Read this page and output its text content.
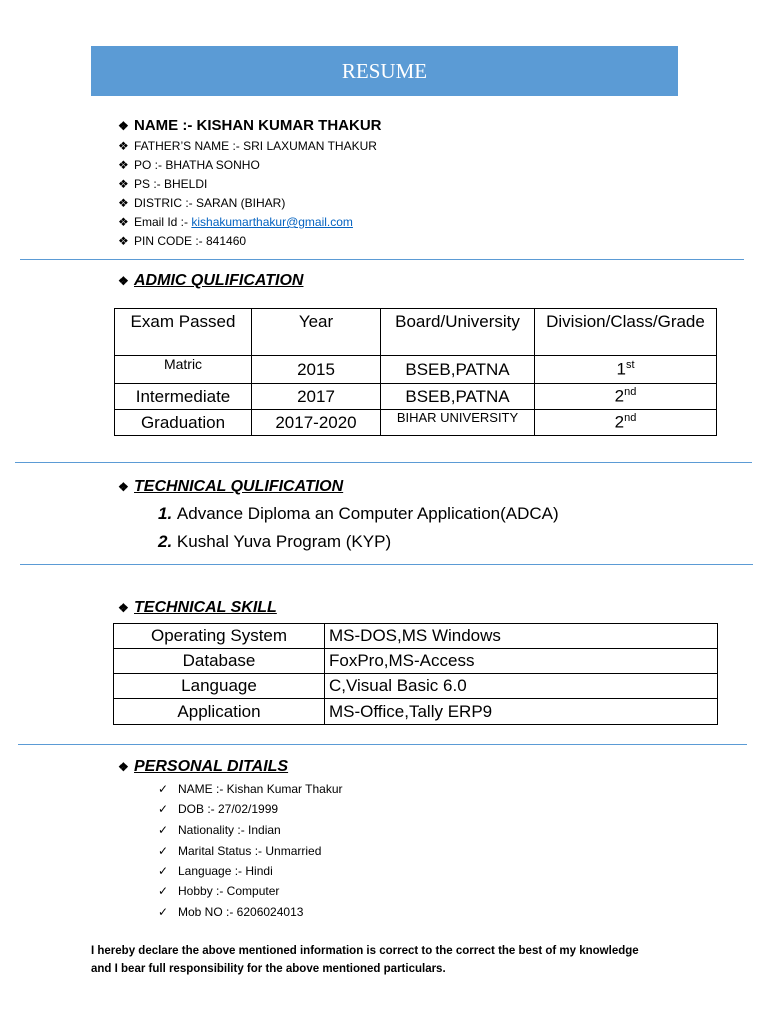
RESUME
❖ NAME :- KISHAN KUMAR THAKUR
❖ FATHER’S NAME :- SRI LAXUMAN THAKUR
❖ PO :- BHATHA SONHO
❖ PS :- BHELDI
❖ DISTRIC :- SARAN (BIHAR)
❖ Email Id :- kishakumarthakur@gmail.com
❖ PIN CODE :- 841460
❖ ADMIC QULIFICATION
Exam Passed	Year	Board/University	Division/Class/Grade
Matric	2015	BSEB,PATNA	1st
Intermediate	2017	BSEB,PATNA	2nd
Graduation	2017-2020	BIHAR UNIVERSITY	2nd
❖ TECHNICAL QULIFICATION
1. Advance Diploma an Computer Application(ADCA)
2. Kushal Yuva Program (KYP)
❖ TECHNICAL SKILL
Operating System	MS-DOS,MS Windows
Database	FoxPro,MS-Access
Language	C,Visual Basic 6.0
Application	MS-Office,Tally ERP9
❖ PERSONAL DITAILS
✓ NAME :- Kishan Kumar Thakur
✓ DOB :- 27/02/1999
✓ Nationality :- Indian
✓ Marital Status :- Unmarried
✓ Language :- Hindi
✓ Hobby :- Computer
✓ Mob NO :- 6206024013
I hereby declare the above mentioned information is correct to the correct the best of my knowledge
and I bear full responsibility for the above mentioned particulars.
